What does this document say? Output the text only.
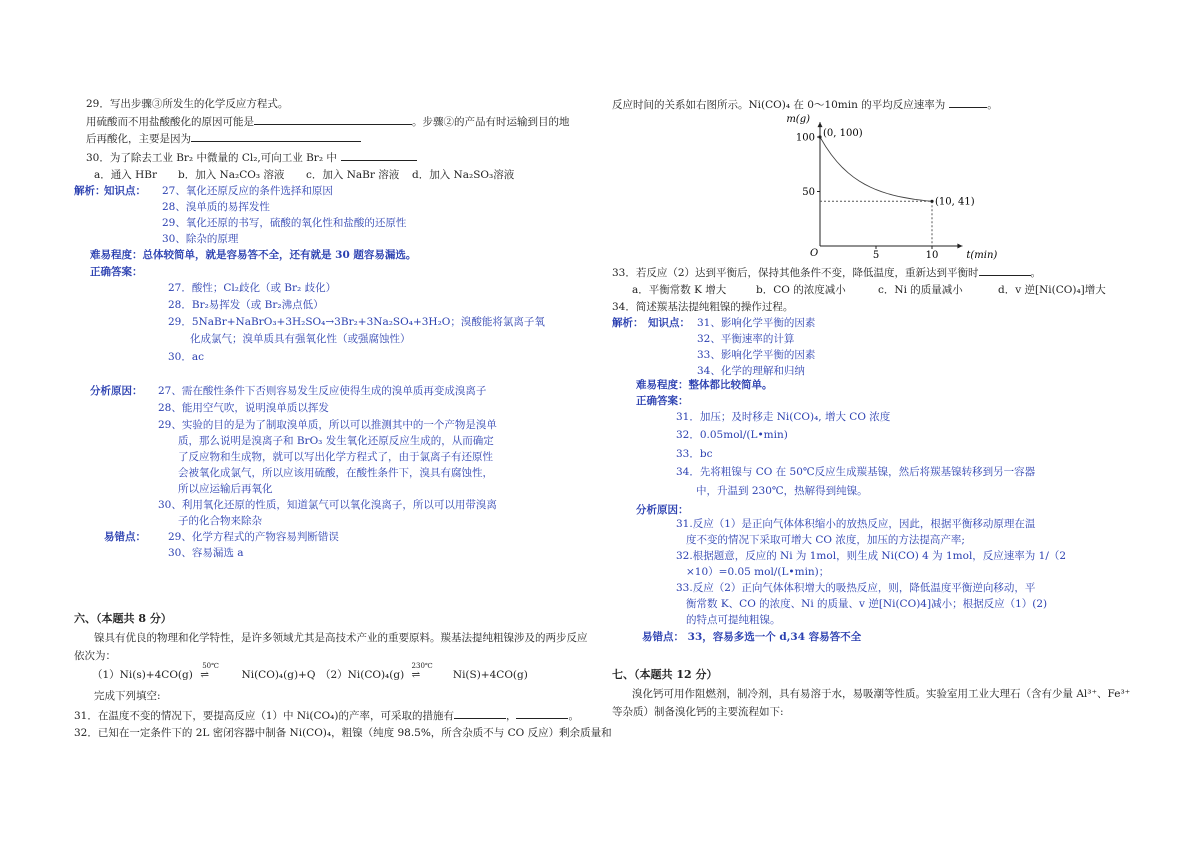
29．写出步骤③所发生的化学反应方程式。
用硫酸而不用盐酸酸化的原因可能是	。步骤②的产品有时运输到目的地
后再酸化，主要是因为
30．为了除去工业 Br₂ 中微量的 Cl₂,可向工业 Br₂ 中
a．通入 HBr b．加入 Na₂CO₃ 溶液 c．加入 NaBr 溶液 d．加入 Na₂SO₃溶液
解析：
知识点： 27、氧化还原反应的条件选择和原因
28、溴单质的易挥发性
29、氧化还原的书写，硫酸的氧化性和盐酸的还原性
30、除杂的原理
难易程度：总体较简单，就是容易答不全，还有就是 30 题容易漏选。
正确答案：
27．酸性；Cl₂歧化（或 Br₂ 歧化）
28．Br₂易挥发（或 Br₂沸点低）
29．5NaBr+NaBrO₃+3H₂SO₄→3Br₂+3Na₂SO₄+3H₂O；溴酸能将氯离子氧
化成氯气；溴单质具有强氧化性（或强腐蚀性）
30．ac
分析原因： 27、需在酸性条件下否则容易发生反应使得生成的溴单质再变成溴离子
28、能用空气吹，说明溴单质以挥发
29、实验的目的是为了制取溴单质，所以可以推测其中的一个产物是溴单
质，那么说明是溴离子和 BrO₃ 发生氧化还原反应生成的，从而确定
了反应物和生成物，就可以写出化学方程式了，由于氯离子有还原性
会被氧化成氯气，所以应该用硫酸，在酸性条件下，溴具有腐蚀性，
所以应运输后再氧化
30、利用氧化还原的性质，知道氯气可以氧化溴离子，所以可以用带溴离
子的化合物来除杂
易错点： 29、化学方程式的产物容易判断错误
30、容易漏选 a
六、（本题共 8 分）
镍具有优良的物理和化学特性，是许多领域尤其是高技术产业的重要原料。羰基法提纯粗镍涉及的两步反应
依次为：
（1）Ni(s)+4CO(g)
50℃
⇌	Ni(CO)₄(g)+Q （2）Ni(CO)₄(g)
230℃
⇌	Ni(S)+4CO(g)
完成下列填空:
31．在温度不变的情况下，要提高反应（1）中 Ni(CO₄)的产率，可采取的措施有	，	。
32．已知在一定条件下的 2L 密闭容器中制备 Ni(CO)₄，粗镍（纯度 98.5%，所含杂质不与 CO 反应）剩余质量和
反应时间的关系如右图所示。Ni(CO)₄ 在 0～10min 的平均反应速率为	。
m(g)
t(min)
O
100
50
5	10
(0, 100)
(10, 41)
33．若反应（2）达到平衡后，保持其他条件不变，降低温度，重新达到平衡时	。
a．平衡常数 K 增大	b．CO 的浓度减小	c．Ni 的质量减小	d．v 逆[Ni(CO)₄]增大
34．简述羰基法提纯粗镍的操作过程。
解析： 知识点： 31、影响化学平衡的因素
32、平衡速率的计算
33、影响化学平衡的因素
34、化学的理解和归纳
难易程度：整体都比较简单。
正确答案：
31．加压；及时移走 Ni(CO)₄, 增大 CO 浓度
32．0.05mol/(L•min)
33．bc
34．先将粗镍与 CO 在 50℃反应生成羰基镍，然后将羰基镍转移到另一容器
中，升温到 230℃，热解得到纯镍。
分析原因：
31.反应（1）是正向气体体积缩小的放热反应，因此，根据平衡移动原理在温
度不变的情况下采取可增大 CO 浓度，加压的方法提高产率;
32.根据题意，反应的 Ni 为 1mol，则生成 Ni(CO) 4 为 1mol，反应速率为 1/（2
×10）=0.05 mol/(L•min)；
33.反应（2）正向气体体积增大的吸热反应，则，降低温度平衡逆向移动，平
衡常数 K、CO 的浓度、Ni 的质量、v 逆[Ni(CO)4]减小；根据反应（1）(2)
的特点可提纯粗镍。
易错点： 33，容易多选一个 d,34 容易答不全
七、（本题共 12 分）
溴化钙可用作阻燃剂，制冷剂，具有易溶于水，易吸潮等性质。实验室用工业大理石（含有少量 Al³⁺、Fe³⁺
等杂质）制备溴化钙的主要流程如下:
